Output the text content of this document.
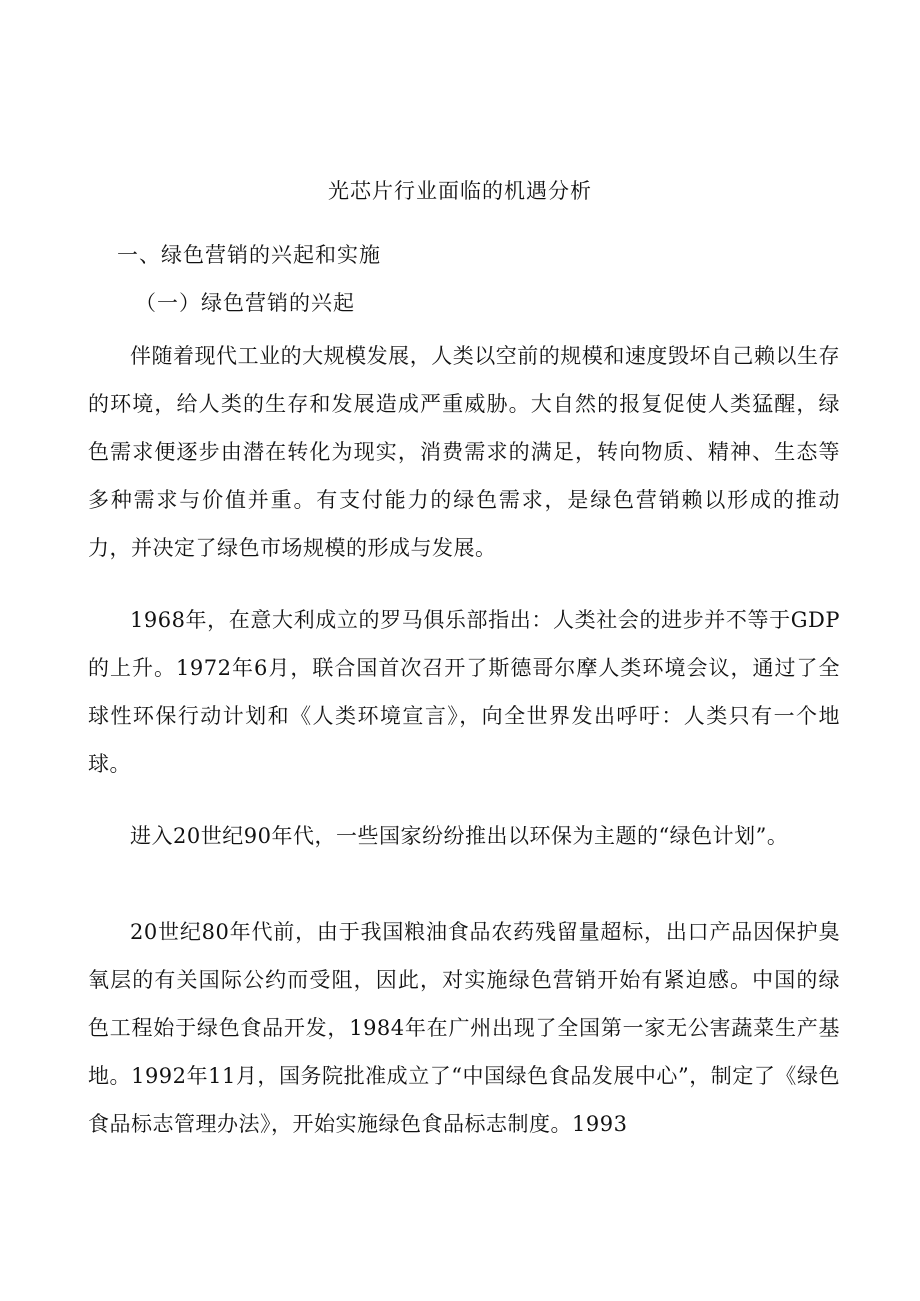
光芯片行业面临的机遇分析
一、绿色营销的兴起和实施
（一）绿色营销的兴起

伴随着现代工业的大规模发展，人类以空前的规模和速度毁坏自己赖以生存的环境，给人类的生存和发展造成严重威胁。大自然的报复促使人类猛醒，绿色需求便逐步由潜在转化为现实，消费需求的满足，转向物质、精神、生态等多种需求与价值并重。有支付能力的绿色需求，是绿色营销赖以形成的推动力，并决定了绿色市场规模的形成与发展。

1968年，在意大利成立的罗马俱乐部指出：人类社会的进步并不等于GDP的上升。1972年6月，联合国首次召开了斯德哥尔摩人类环境会议，通过了全球性环保行动计划和《人类环境宣言》，向全世界发出呼吁：人类只有一个地球。

进入20世纪90年代，一些国家纷纷推出以环保为主题的“绿色计划”。

20世纪80年代前，由于我国粮油食品农药残留量超标，出口产品因保护臭氧层的有关国际公约而受阻，因此，对实施绿色营销开始有紧迫感。中国的绿色工程始于绿色食品开发，1984年在广州出现了全国第一家无公害蔬菜生产基地。1992年11月，国务院批准成立了“中国绿色食品发展中心”，制定了《绿色食品标志管理办法》，开始实施绿色食品标志制度。1993
